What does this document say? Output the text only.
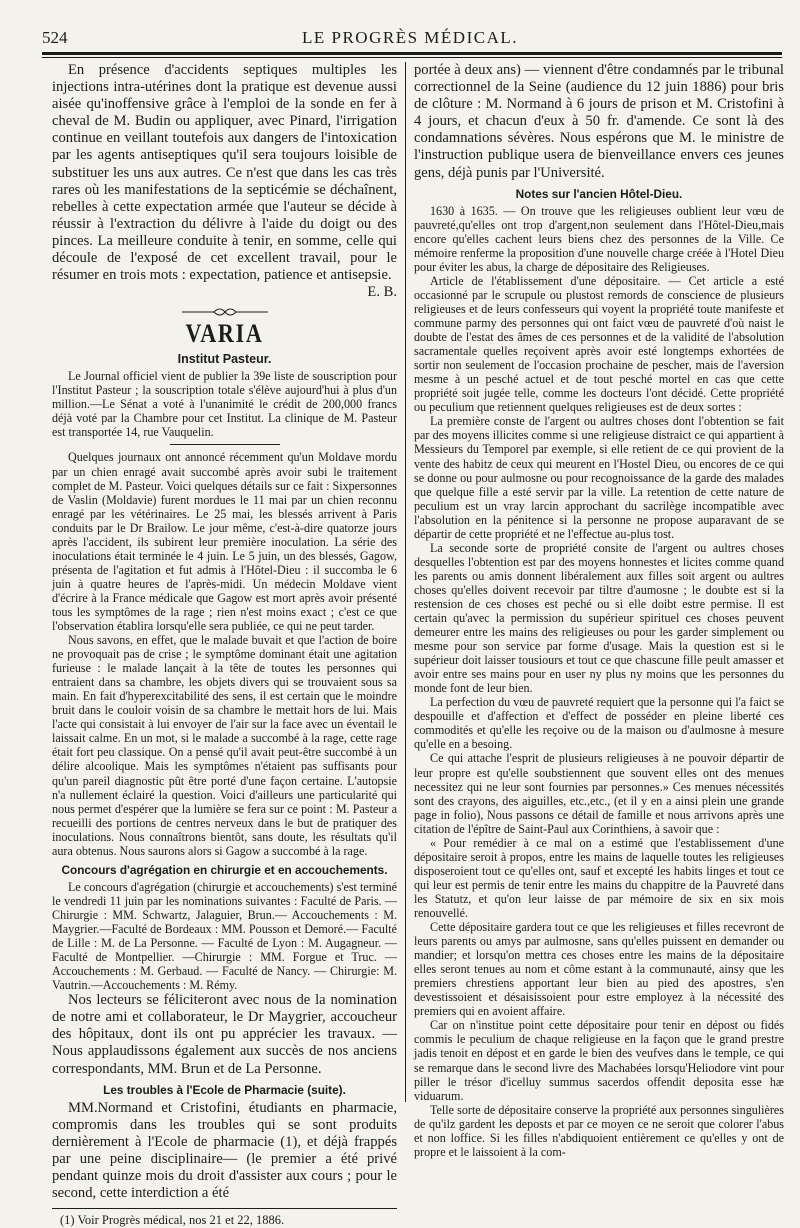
524	LE PROGRÈS MÉDICAL.

En présence d'accidents septiques multiples les injections intra-utérines dont la pratique est devenue aussi aisée qu'inoffensive grâce à l'emploi de la sonde en fer à cheval de M. Budin ou appliquer, avec Pinard, l'irrigation continue en veillant toutefois aux dangers de l'intoxication par les agents antiseptiques qu'il sera toujours loisible de substituer les uns aux autres. Ce n'est que dans les cas très rares où les manifestations de la septicémie se déchaînent, rebelles à cette expectation armée que l'auteur se décide à réussir à l'extraction du délivre à l'aide du doigt ou des pinces. La meilleure conduite à tenir, en somme, celle qui découle de l'exposé de cet excellent travail, pour le résumer en trois mots : expectation, patience et antisepsie.

E. B.

VARIA
Institut Pasteur.

Le Journal officiel vient de publier la 39e liste de souscription pour l'Institut Pasteur ; la souscription totale s'élève aujourd'hui à plus d'un million.—Le Sénat a voté à l'unanimité le crédit de 200,000 francs déjà voté par la Chambre pour cet Institut. La clinique de M. Pasteur est transportée 14, rue Vauquelin.

Quelques journaux ont annoncé récemment qu'un Moldave mordu par un chien enragé avait succombé après avoir subi le traitement complet de M. Pasteur. Voici quelques détails sur ce fait : Sixpersonnes de Vaslin (Moldavie) furent mordues le 11 mai par un chien reconnu enragé par les vétérinaires. Le 25 mai, les blessés arrivent à Paris conduits par le Dr Brailow. Le jour même, c'est-à-dire quatorze jours après l'accident, ils subirent leur première inoculation. La série des inoculations était terminée le 4 juin. Le 5 juin, un des blessés, Gagow, présenta de l'agitation et fut admis à l'Hôtel-Dieu : il succomba le 6 juin à quatre heures de l'après-midi. Un médecin Moldave vient d'écrire à la France médicale que Gagow est mort après avoir présenté tous les symptômes de la rage ; rien n'est moins exact ; c'est ce que l'observation établira lorsqu'elle sera publiée, ce qui ne peut tarder.

Nous savons, en effet, que le malade buvait et que l'action de boire ne provoquait pas de crise ; le symptôme dominant était une agitation furieuse : le malade lançait à la tête de toutes les personnes qui entraient dans sa chambre, les objets divers qui se trouvaient sous sa main. En fait d'hyperexcitabilité des sens, il est certain que le moindre bruit dans le couloir voisin de sa chambre le mettait hors de lui. Mais l'acte qui consistait à lui envoyer de l'air sur la face avec un éventail le laissait calme. En un mot, si le malade a succombé à la rage, cette rage était fort peu classique. On a pensé qu'il avait peut-être succombé à un délire alcoolique. Mais les symptômes n'étaient pas suffisants pour qu'un pareil diagnostic pût être porté d'une façon certaine. L'autopsie n'a nullement éclairé la question. Voici d'ailleurs une particularité qui nous permet d'espérer que la lumière se fera sur ce point : M. Pasteur a recueilli des portions de centres nerveux dans le but de pratiquer des inoculations. Nous connaîtrons bientôt, sans doute, les résultats qu'il aura obtenus. Nous saurons alors si Gagow a succombé à la rage.

Concours d'agrégation en chirurgie et en accouchements.

Le concours d'agrégation (chirurgie et accouchements) s'est terminé le vendredi 11 juin par les nominations suivantes : Faculté de Paris. — Chirurgie : MM. Schwartz, Jalaguier, Brun.— Accouchements : M. Maygrier.—Faculté de Bordeaux : MM. Pousson et Demoré.— Faculté de Lille : M. de La Personne. — Faculté de Lyon : M. Augagneur. — Faculté de Montpellier. —Chirurgie : MM. Forgue et Truc. — Accouchements : M. Gerbaud. — Faculté de Nancy. — Chirurgie: M. Vautrin.—Accouchements : M. Rémy.

Nos lecteurs se féliciteront avec nous de la nomination de notre ami et collaborateur, le Dr Maygrier, accoucheur des hôpitaux, dont ils ont pu apprécier les travaux. — Nous applaudissons également aux succès de nos anciens correspondants, MM. Brun et de La Personne.

Les troubles à l'Ecole de Pharmacie (suite).

MM.Normand et Cristofini, étudiants en pharmacie, compromis dans les troubles qui se sont produits dernièrement à l'Ecole de pharmacie (1), et déjà frappés par une peine disciplinaire— (le premier a été privé pendant quinze mois du droit d'assister aux cours ; pour le second, cette interdiction a été

(1) Voir Progrès médical, nos 21 et 22, 1886.

portée à deux ans) — viennent d'être condamnés par le tribunal correctionnel de la Seine (audience du 12 juin 1886) pour bris de clôture : M. Normand à 6 jours de prison et M. Cristofini à 4 jours, et chacun d'eux à 50 fr. d'amende. Ce sont là des condamnations sévères. Nous espérons que M. le ministre de l'instruction publique usera de bienveillance envers ces jeunes gens, déjà punis par l'Université.

Notes sur l'ancien Hôtel-Dieu.

1630 à 1635. — On trouve que les religieuses oublient leur vœu de pauvreté,qu'elles ont trop d'argent,non seulement dans l'Hôtel-Dieu,mais encore qu'elles cachent leurs biens chez des personnes de la Ville. Ce mémoire renferme la proposition d'une nouvelle charge créée à l'Hotel Dieu pour éviter les abus, la charge de dépositaire des Religieuses.

Article de l'établissement d'une dépositaire. — Cet article a esté occasionné par le scrupule ou plustost remords de conscience de plusieurs religieuses et de leurs confesseurs qui voyent la propriété toute manifeste et commune parmy des personnes qui ont faict vœu de pauvreté d'où naist le doubte de l'estat des âmes de ces personnes et de la validité de l'absolution sacramentale quelles reçoivent après avoir esté longtemps exhortées de sortir non seulement de l'occasion prochaine de pescher, mais de l'aversion mesme à un pesché actuel et de tout pesché mortel en cas que cette propriété soit jugée telle, comme les docteurs l'ont décidé. Cette propriété ou peculium que retiennent quelques religieuses est de deux sortes :

La première conste de l'argent ou aultres choses dont l'obtention se fait par des moyens illicites comme si une religieuse distraict ce qui appartient à Messieurs du Temporel par exemple, si elle retient de ce qui provient de la vente des habitz de ceux qui meurent en l'Hostel Dieu, ou encores de ce qui se donne ou pour aulmosne ou pour recognoissance de la garde des malades que quelque fille a esté servir par la ville. La retention de cette nature de peculium est un vray larcin approchant du sacrilège incompatible avec l'absolution en la pénitence si la personne ne propose auparavant de se départir de cette propriété et ne l'effectue au-plus tost.

La seconde sorte de propriété consite de l'argent ou aultres choses desquelles l'obtention est par des moyens honnestes et licites comme quand les parents ou amis donnent libéralement aux filles soit argent ou aultres choses qu'elles doivent recevoir par tiltre d'aumosne ; le doubte est si la restension de ces choses est peché ou si elle doibt estre permise. Il est certain qu'avec la permission du supérieur spirituel ces choses peuvent demeurer entre les mains des religieuses ou pour les garder simplement ou mesme pour son service par forme d'usage. Mais la question est si le supérieur doit laisser tousiours et tout ce que chascune fille peult amasser et avoir entre ses mains pour en user ny plus ny moins que les personnes du monde font de leur bien.

La perfection du vœu de pauvreté requiert que la personne qui l'a faict se despouille et d'affection et d'effect de posséder en pleine liberté ces commodités et qu'elle les reçoive ou de la maison ou d'aulmosne à mesure qu'elle en a besoing.

Ce qui attache l'esprit de plusieurs religieuses à ne pouvoir départir de leur propre est qu'elle soubstiennent que souvent elles ont des menues necessitez qui ne leur sont fournies par personnes.» Ces menues nécessités sont des crayons, des aiguilles, etc.,etc., (et il y en a ainsi plein une grande page in folio), Nous passons ce détail de famille et nous arrivons après une citation de l'épître de Saint-Paul aux Corinthiens, à savoir que :

« Pour remédier à ce mal on a estimé que l'establissement d'une dépositaire seroit à propos, entre les mains de laquelle toutes les religieuses disposeroient tout ce qu'elles ont, sauf et excepté les habits linges et tout ce qui leur est permis de tenir entre les mains du chappitre de la Pauvreté dans les Statutz, et qu'on leur laisse de par mémoire de six en six mois renouvellé.

Cette dépositaire gardera tout ce que les religieuses et filles recevront de leurs parents ou amys par aulmosne, sans qu'elles puissent en demander ou mandier; et lorsqu'on mettra ces choses entre les mains de la dépositaire elles seront tenues au nom et côme estant à la communauté, ainsy que les premiers chrestiens apportant leur bien au pied des apostres, s'en devestissoient et désaisissoient pour estre employez à la nécessité des premiers qui en avoient affaire.

Car on n'institue point cette dépositaire pour tenir en dépost ou fidés commis le peculium de chaque religieuse en la façon que le grand prestre jadis tenoit en dépost et en garde le bien des veufves dans le temple, ce qui se remarque dans le second livre des Machabées lorsqu'Heliodore vint pour piller le trésor d'icelluy summus sacerdos offendit deposita esse hæ viduarum.

Telle sorte de dépositaire conserve la propriété aux personnes singulières de qu'ilz gardent les deposts et par ce moyen ce ne seroit que colorer l'abus et non loffice. Si les filles n'abdiquoient entièrement ce qu'elles y ont de propre et le laissoient à la com-
